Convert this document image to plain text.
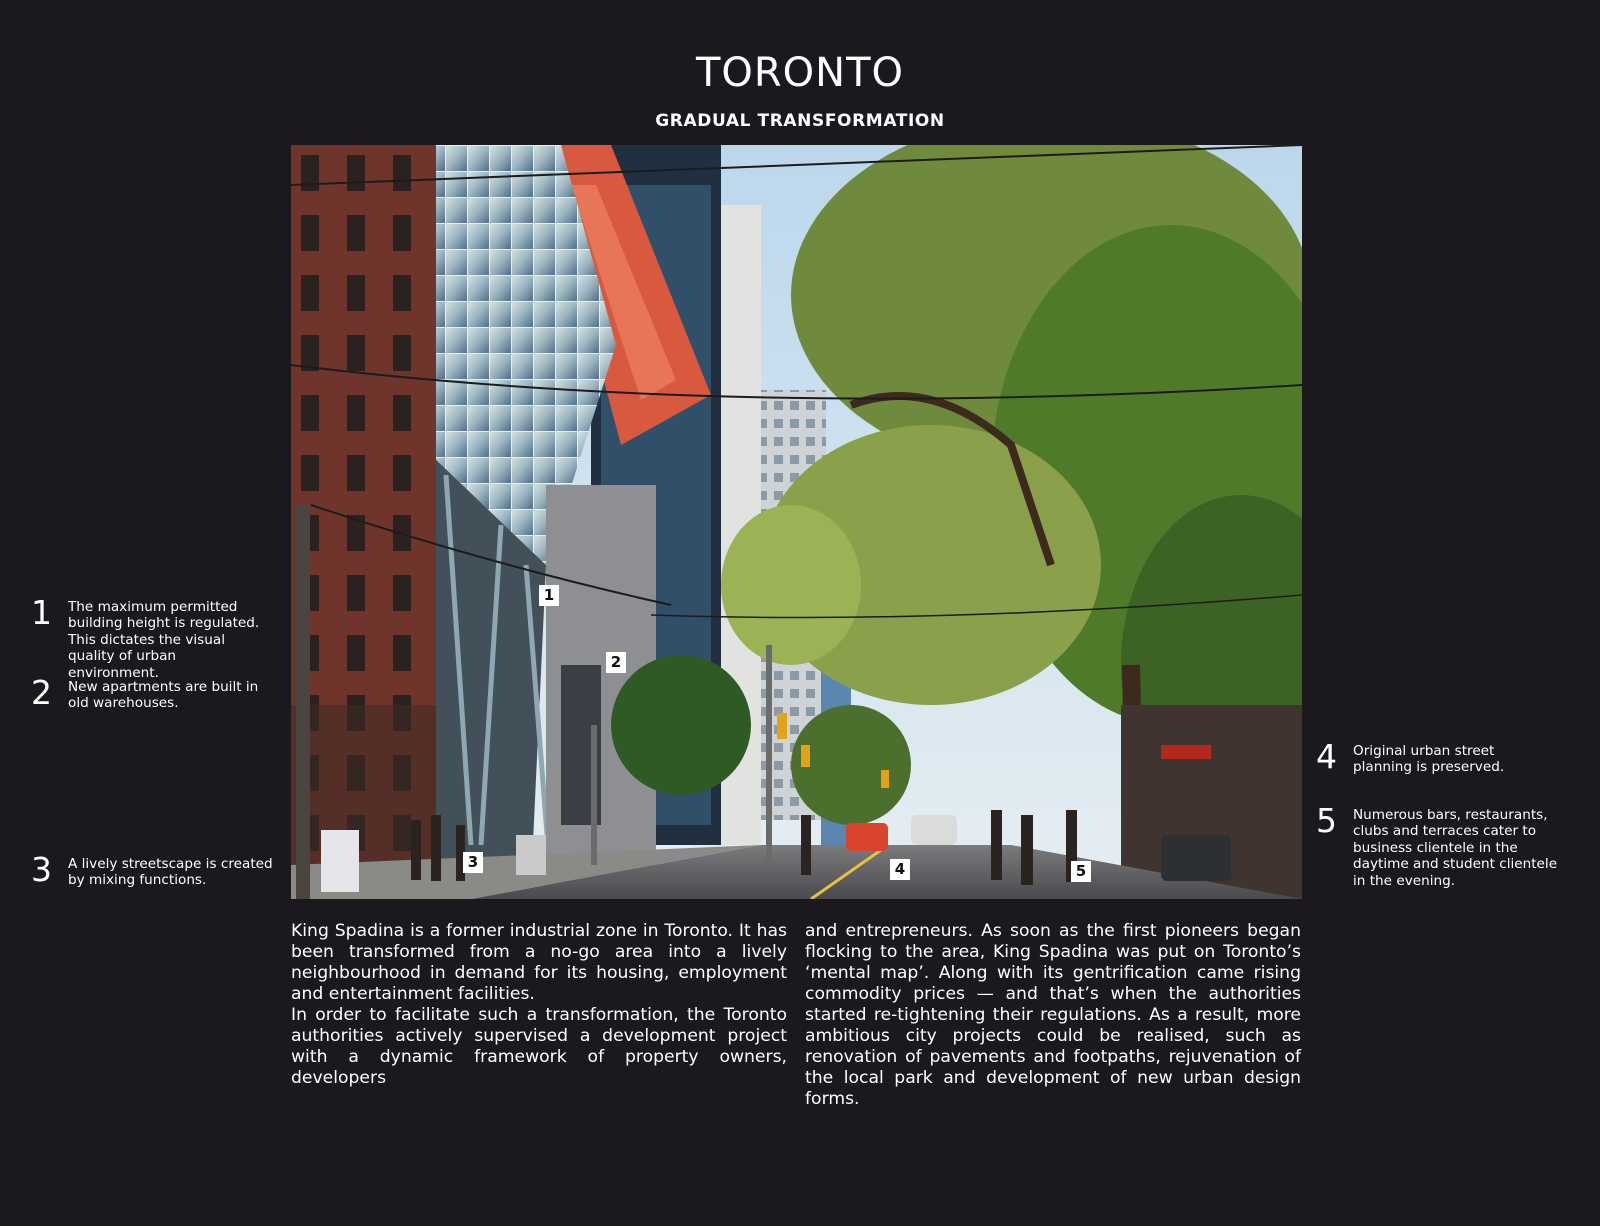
TORONTO
GRADUAL TRANSFORMATION
1
2
3	4	5
1 The maximum permitted building height is regulated. This dictates the visual quality of urban environment.
2 New apartments are built in old warehouses.
3 A lively streetscape is created by mixing functions.
4 Original urban street planning is preserved.
5 Numerous bars, restaurants, clubs and terraces cater to business clientele in the daytime and student clientele in the evening.

King Spadina is a former industrial zone in Toronto. It has been transformed from a no-go area into a lively neighbourhood in demand for its housing, employment and entertainment facilities.

In order to facilitate such a transformation, the Toronto authorities actively supervised a development project with a dynamic framework of property owners, developers

and entrepreneurs. As soon as the first pioneers began flocking to the area, King Spadina was put on Toronto’s ‘mental map’. Along with its gentrification came rising commodity prices — and that’s when the authorities started re-tightening their regulations. As a result, more ambitious city projects could be realised, such as renovation of pavements and footpaths, rejuvenation of the local park and development of new urban design forms.
